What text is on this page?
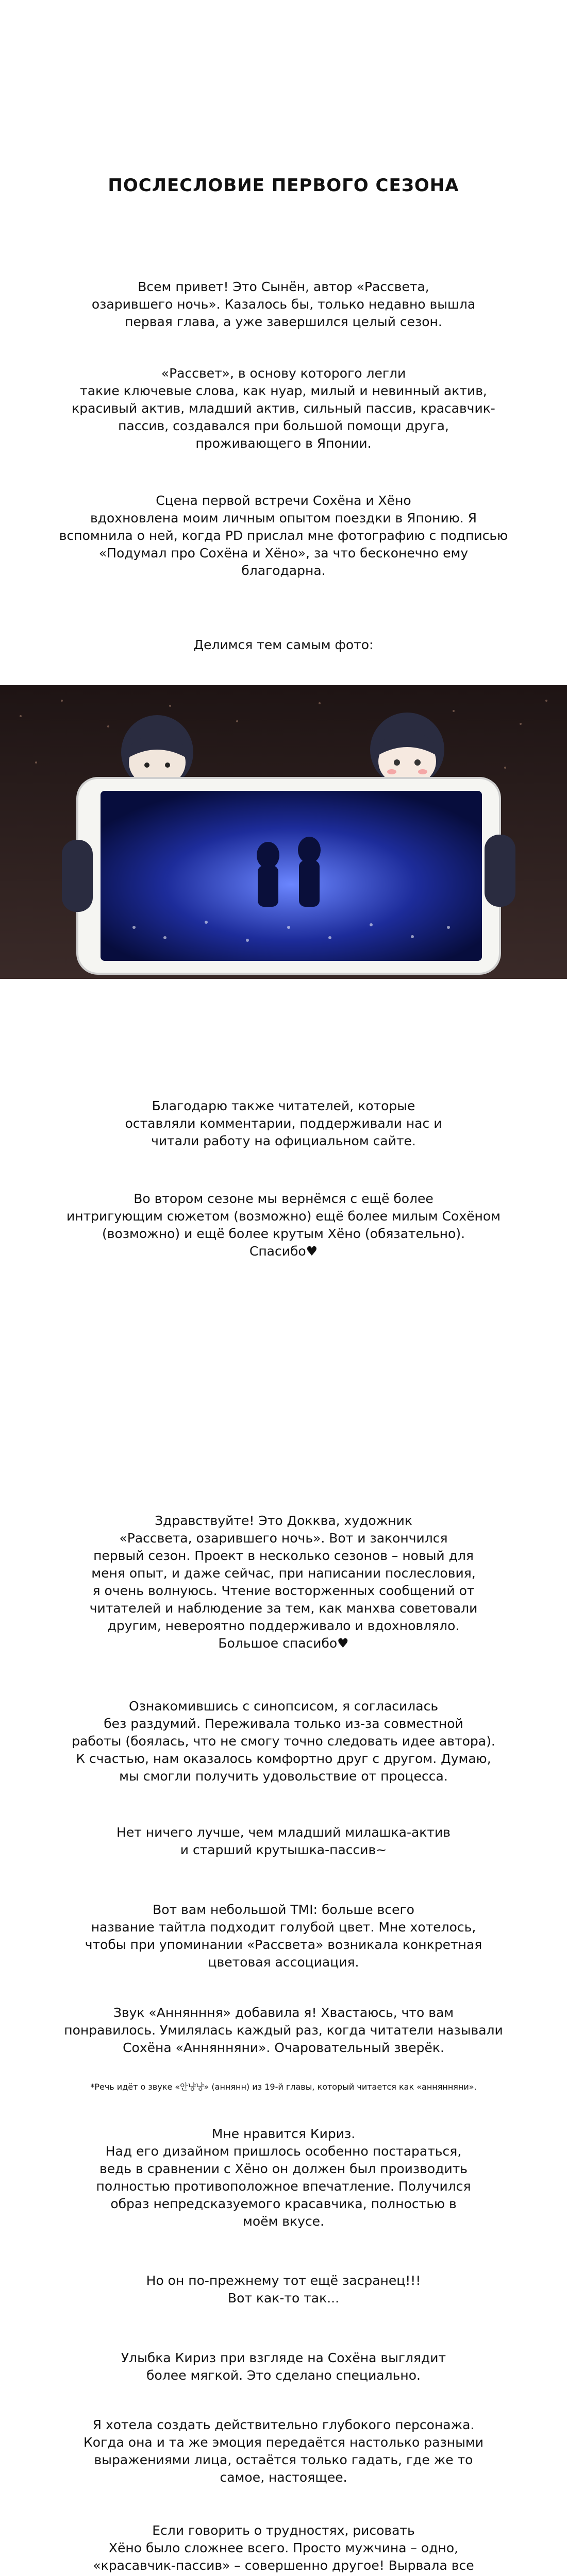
ПОСЛЕСЛОВИЕ ПЕРВОГО СЕЗОНА

Всем привет! Это Сынён, автор «Рассвета,

озарившего ночь». Казалось бы, только недавно вышла

первая глава, а уже завершился целый сезон.

«Рассвет», в основу которого легли

такие ключевые слова, как нуар, милый и невинный актив,

красивый актив, младший актив, сильный пассив, красавчик-

пассив, создавался при большой помощи друга,

проживающего в Японии.

Сцена первой встречи Сохёна и Хёно

вдохновлена моим личным опытом поездки в Японию. Я

вспомнила о ней, когда PD прислал мне фотографию с подписью

«Подумал про Сохёна и Хёно», за что бесконечно ему

благодарна.

Делимся тем самым фото:

Благодарю также читателей, которые

оставляли комментарии, поддерживали нас и

читали работу на официальном сайте.

Во втором сезоне мы вернёмся с ещё более

интригующим сюжетом (возможно) ещё более милым Сохёном

(возможно) и ещё более крутым Хёно (обязательно).

Спасибо♥

Здравствуйте! Это Докква, художник

«Рассвета, озарившего ночь». Вот и закончился

первый сезон. Проект в несколько сезонов – новый для

меня опыт, и даже сейчас, при написании послесловия,

я очень волнуюсь. Чтение восторженных сообщений от

читателей и наблюдение за тем, как манхва советовали

другим, невероятно поддерживало и вдохновляло.

Большое спасибо♥

Ознакомившись с синопсисом, я согласилась

без раздумий. Переживала только из-за совместной

работы (боялась, что не смогу точно следовать идее автора).

К счастью, нам оказалось комфортно друг с другом. Думаю,

мы смогли получить удовольствие от процесса.

Нет ничего лучше, чем младший милашка-актив

и старший крутышка-пассив~

Вот вам небольшой TMI: больше всего

название тайтла подходит голубой цвет. Мне хотелось,

чтобы при упоминании «Рассвета» возникала конкретная

цветовая ассоциация.

Звук «Аннянння» добавила я! Хвастаюсь, что вам

понравилось. Умилялась каждый раз, когда читатели называли

Сохёна «Аннянняни». Очаровательный зверёк.

*Речь идёт о звуке «안냥냥» (аннянн) из 19-й главы, который читается как «аннянняни».

Мне нравится Кириз.

Над его дизайном пришлось особенно постараться,

ведь в сравнении с Хёно он должен был производить

полностью противоположное впечатление. Получился

образ непредсказуемого красавчика, полностью в

моём вкусе.

Но он по-прежнему тот ещё засранец!!!

Вот как-то так...

Улыбка Кириз при взгляде на Сохёна выглядит

более мягкой. Это сделано специально.

Я хотела создать действительно глубокого персонажа.

Когда она и та же эмоция передаётся настолько разными

выражениями лица, остаётся только гадать, где же то

самое, настоящее.

Если говорить о трудностях, рисовать

Хёно было сложнее всего. Просто мужчина – одно,

«красавчик-пассив» – совершенно другое! Вырвала все
